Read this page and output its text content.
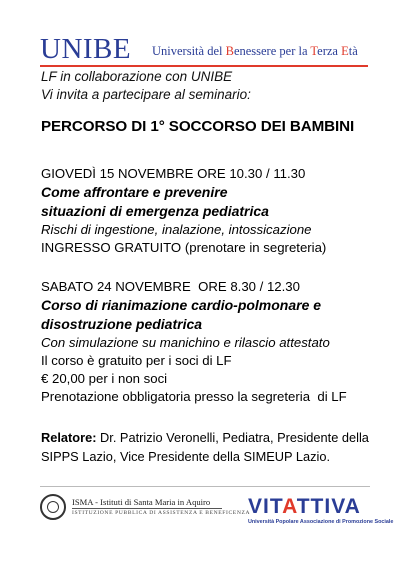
UNIBE Università del Benessere per la Terza Età
LF in collaborazione con UNIBE
Vi invita a partecipare al seminario:
PERCORSO DI 1° SOCCORSO DEI BAMBINI
GIOVEDÌ 15 NOVEMBRE ORE 10.30 / 11.30
Come affrontare e prevenire
situazioni di emergenza pediatrica
Rischi di ingestione, inalazione, intossicazione
INGRESSO GRATUITO (prenotare in segreteria)
SABATO 24 NOVEMBRE  ORE 8.30 / 12.30
Corso di rianimazione cardio-polmonare e
disostruzione pediatrica
Con simulazione su manichino e rilascio attestato
Il corso è gratuito per i soci di LF
€ 20,00 per i non soci
Prenotazione obbligatoria presso la segreteria  di LF
Relatore: Dr. Patrizio Veronelli, Pediatra, Presidente della
SIPPS Lazio, Vice Presidente della SIMEUP Lazio.
ISMA - Istituti di Santa Maria in Aquiro
ISTITUZIONE PUBBLICA DI ASSISTENZA E BENEFICENZA
VITATTIVA
Università Popolare Associazione di Promozione Sociale
